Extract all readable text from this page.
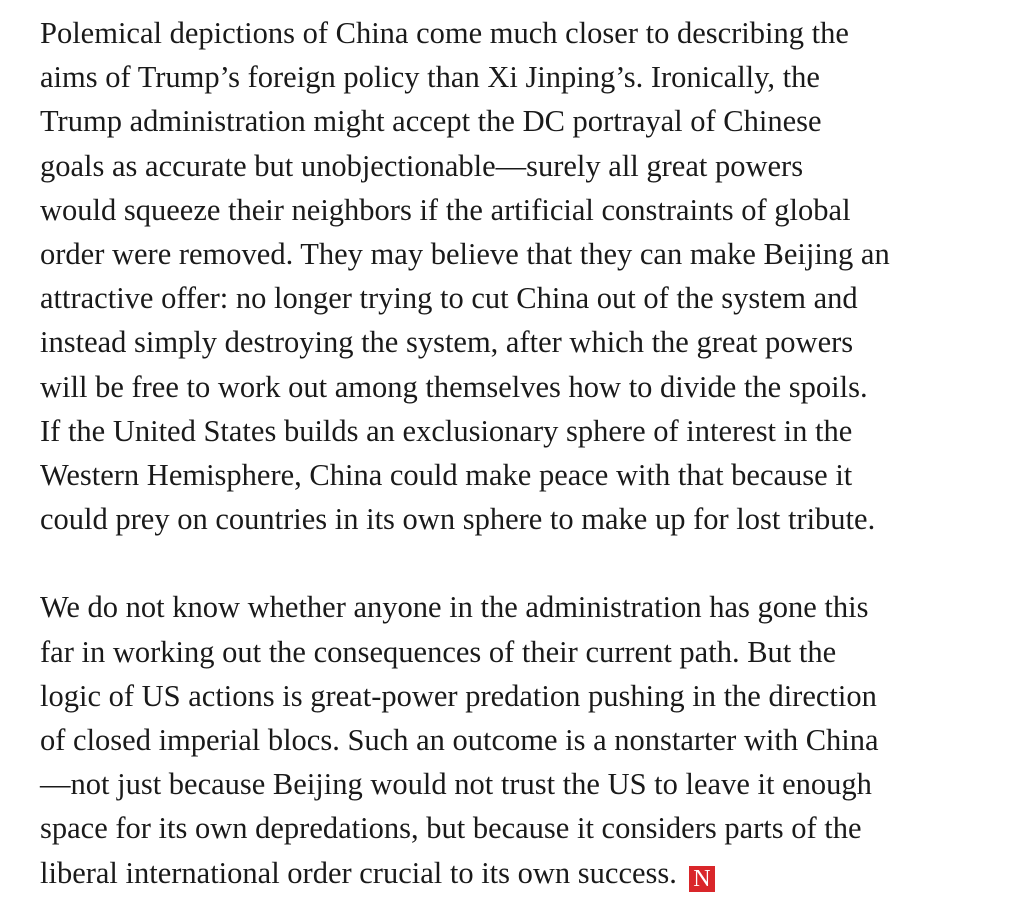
Polemical depictions of China come much closer to describing the
aims of Trump’s foreign policy than Xi Jinping’s. Ironically, the
Trump administration might accept the DC portrayal of Chinese
goals as accurate but unobjectionable—surely all great powers
would squeeze their neighbors if the artificial constraints of global
order were removed. They may believe that they can make Beijing an
attractive offer: no longer trying to cut China out of the system and
instead simply destroying the system, after which the great powers
will be free to work out among themselves how to divide the spoils.
If the United States builds an exclusionary sphere of interest in the
Western Hemisphere, China could make peace with that because it
could prey on countries in its own sphere to make up for lost tribute.

We do not know whether anyone in the administration has gone this
far in working out the consequences of their current path. But the
logic of US actions is great-power predation pushing in the direction
of closed imperial blocs. Such an outcome is a nonstarter with China
—not just because Beijing would not trust the US to leave it enough
space for its own depredations, but because it considers parts of the
liberal international order crucial to its own success. N
